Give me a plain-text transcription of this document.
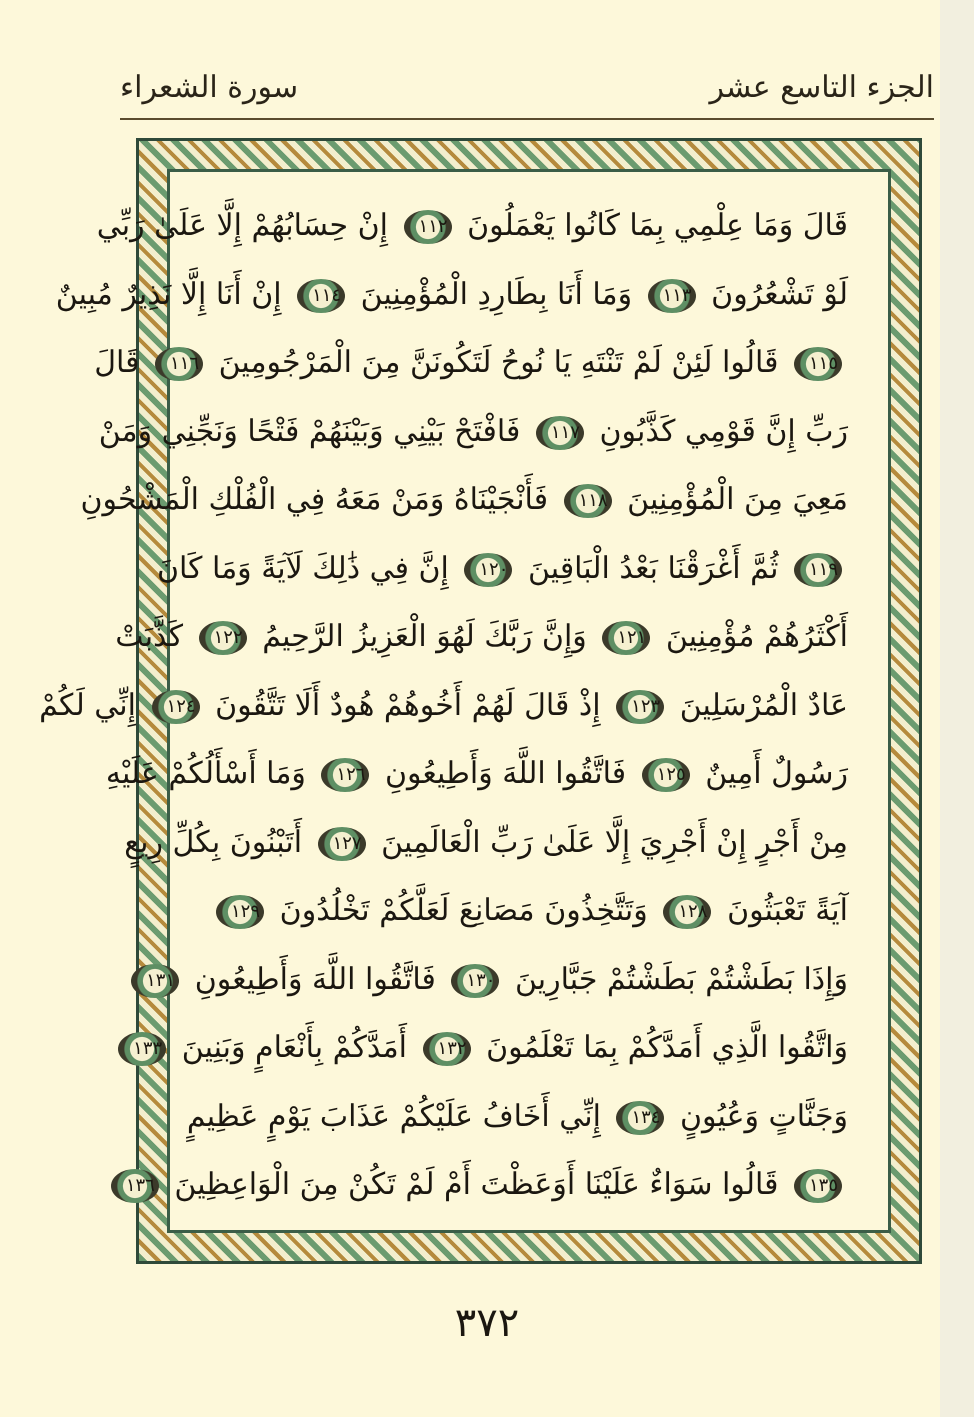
الجزء التاسع عشر
سورة الشعراء
قَالَ وَمَا عِلْمِي بِمَا كَانُوا يَعْمَلُونَ ١١٢ إِنْ حِسَابُهُمْ إِلَّا عَلَىٰ رَبِّي
لَوْ تَشْعُرُونَ ١١٣ وَمَا أَنَا بِطَارِدِ الْمُؤْمِنِينَ ١١٤ إِنْ أَنَا إِلَّا نَذِيرٌ مُبِينٌ
١١٥ قَالُوا لَئِنْ لَمْ تَنْتَهِ يَا نُوحُ لَتَكُونَنَّ مِنَ الْمَرْجُومِينَ ١١٦ قَالَ
رَبِّ إِنَّ قَوْمِي كَذَّبُونِ ١١٧ فَافْتَحْ بَيْنِي وَبَيْنَهُمْ فَتْحًا وَنَجِّنِي وَمَنْ
مَعِيَ مِنَ الْمُؤْمِنِينَ ١١٨ فَأَنْجَيْنَاهُ وَمَنْ مَعَهُ فِي الْفُلْكِ الْمَشْحُونِ
١١٩ ثُمَّ أَغْرَقْنَا بَعْدُ الْبَاقِينَ ١٢٠ إِنَّ فِي ذَٰلِكَ لَآيَةً وَمَا كَانَ
أَكْثَرُهُمْ مُؤْمِنِينَ ١٢١ وَإِنَّ رَبَّكَ لَهُوَ الْعَزِيزُ الرَّحِيمُ ١٢٢ كَذَّبَتْ
عَادٌ الْمُرْسَلِينَ ١٢٣ إِذْ قَالَ لَهُمْ أَخُوهُمْ هُودٌ أَلَا تَتَّقُونَ ١٢٤ إِنِّي لَكُمْ
رَسُولٌ أَمِينٌ ١٢٥ فَاتَّقُوا اللَّهَ وَأَطِيعُونِ ١٢٦ وَمَا أَسْأَلُكُمْ عَلَيْهِ
مِنْ أَجْرٍ إِنْ أَجْرِيَ إِلَّا عَلَىٰ رَبِّ الْعَالَمِينَ ١٢٧ أَتَبْنُونَ بِكُلِّ رِيعٍ
آيَةً تَعْبَثُونَ ١٢٨ وَتَتَّخِذُونَ مَصَانِعَ لَعَلَّكُمْ تَخْلُدُونَ ١٢٩
وَإِذَا بَطَشْتُمْ بَطَشْتُمْ جَبَّارِينَ ١٣٠ فَاتَّقُوا اللَّهَ وَأَطِيعُونِ ١٣١
وَاتَّقُوا الَّذِي أَمَدَّكُمْ بِمَا تَعْلَمُونَ ١٣٢ أَمَدَّكُمْ بِأَنْعَامٍ وَبَنِينَ ١٣٣
وَجَنَّاتٍ وَعُيُونٍ ١٣٤ إِنِّي أَخَافُ عَلَيْكُمْ عَذَابَ يَوْمٍ عَظِيمٍ
١٣٥ قَالُوا سَوَاءٌ عَلَيْنَا أَوَعَظْتَ أَمْ لَمْ تَكُنْ مِنَ الْوَاعِظِينَ ١٣٦
٣٧٢
